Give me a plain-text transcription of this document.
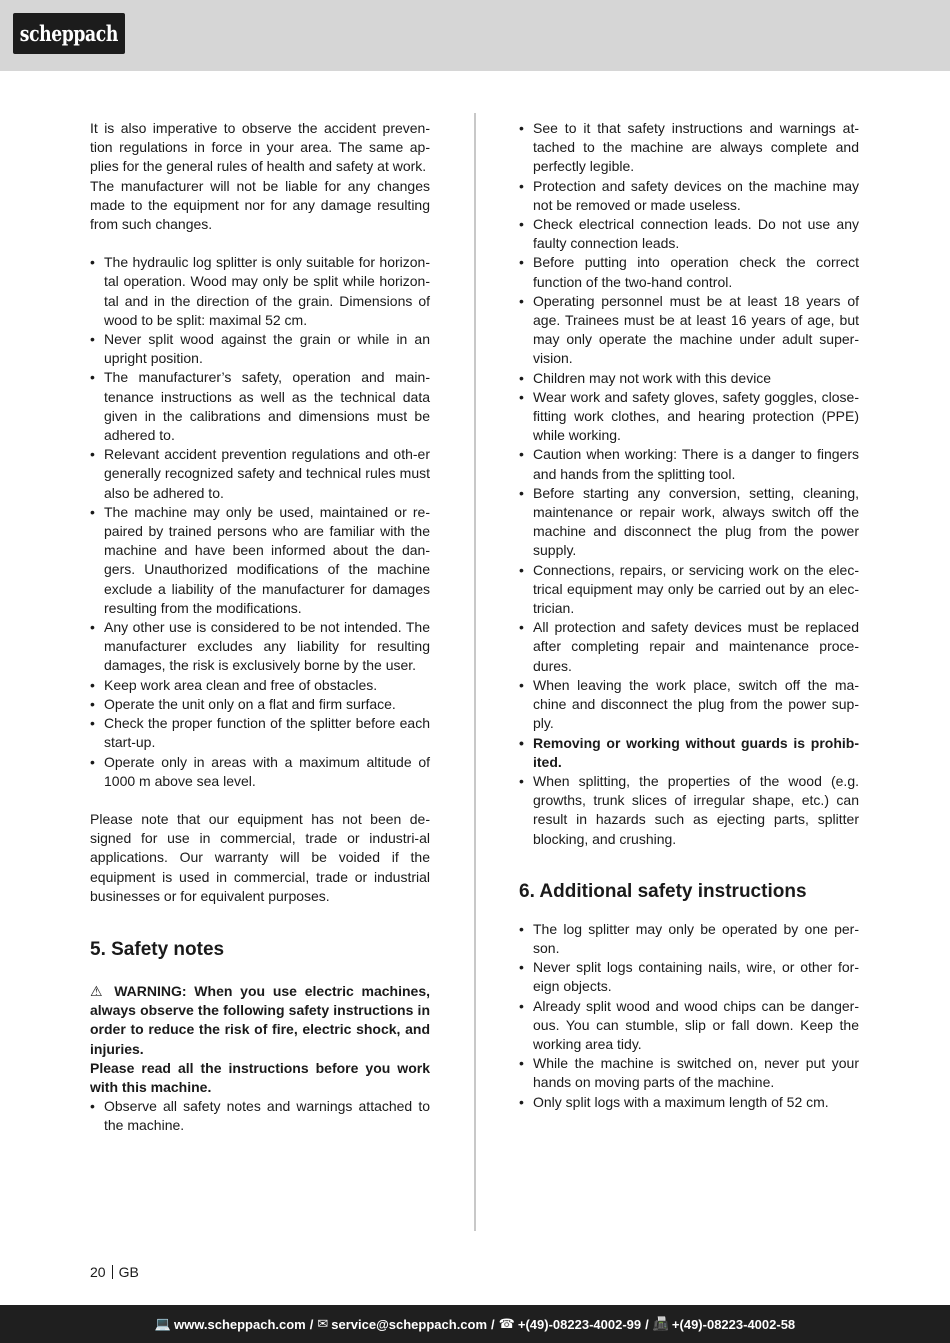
scheppach

It is also imperative to observe the accident preven-tion regulations in force in your area. The same ap-plies for the general rules of health and safety at work.

The manufacturer will not be liable for any changes made to the equipment nor for any damage resulting from such changes.

• The hydraulic log splitter is only suitable for horizon-tal operation. Wood may only be split while horizon-tal and in the direction of the grain. Dimensions of wood to be split: maximal 52 cm.
• Never split wood against the grain or while in an upright position.
• The manufacturer’s safety, operation and main-tenance instructions as well as the technical data given in the calibrations and dimensions must be adhered to.
• Relevant accident prevention regulations and oth-er generally recognized safety and technical rules must also be adhered to.
• The machine may only be used, maintained or re-paired by trained persons who are familiar with the machine and have been informed about the dan-gers. Unauthorized modifications of the machine exclude a liability of the manufacturer for damages resulting from the modifications.
• Any other use is considered to be not intended. The manufacturer excludes any liability for resulting damages, the risk is exclusively borne by the user.
• Keep work area clean and free of obstacles.
• Operate the unit only on a flat and firm surface.
• Check the proper function of the splitter before each start-up.
• Operate only in areas with a maximum altitude of 1000 m above sea level.

Please note that our equipment has not been de-signed for use in commercial, trade or industri-al applications. Our warranty will be voided if the equipment is used in commercial, trade or industrial businesses or for equivalent purposes.

5. Safety notes

⚠ WARNING: When you use electric machines, always observe the following safety instructions in order to reduce the risk of fire, electric shock, and injuries.

Please read all the instructions before you work with this machine.

• Observe all safety notes and warnings attached to the machine.
• See to it that safety instructions and warnings at-tached to the machine are always complete and perfectly legible.
• Protection and safety devices on the machine may not be removed or made useless.
• Check electrical connection leads. Do not use any faulty connection leads.
• Before putting into operation check the correct function of the two-hand control.
• Operating personnel must be at least 18 years of age. Trainees must be at least 16 years of age, but may only operate the machine under adult super-vision.
• Children may not work with this device
• Wear work and safety gloves, safety goggles, close-fitting work clothes, and hearing protection (PPE) while working.
• Caution when working: There is a danger to fingers and hands from the splitting tool.
• Before starting any conversion, setting, cleaning, maintenance or repair work, always switch off the machine and disconnect the plug from the power supply.
• Connections, repairs, or servicing work on the elec-trical equipment may only be carried out by an elec-trician.
• All protection and safety devices must be replaced after completing repair and maintenance proce-dures.
• When leaving the work place, switch off the ma-chine and disconnect the plug from the power sup-ply.
• Removing or working without guards is prohib-ited.
• When splitting, the properties of the wood (e.g. growths, trunk slices of irregular shape, etc.) can result in hazards such as ejecting parts, splitter blocking, and crushing.
6. Additional safety instructions
• The log splitter may only be operated by one per-son.
• Never split logs containing nails, wire, or other for-eign objects.
• Already split wood and wood chips can be danger-ous. You can stumble, slip or fall down. Keep the working area tidy.
• While the machine is switched on, never put your hands on moving parts of the machine.
• Only split logs with a maximum length of 52 cm.
20 GB
💻 www.scheppach.com / ✉ service@scheppach.com / ☎ +(49)-08223-4002-99 / 📠 +(49)-08223-4002-58
